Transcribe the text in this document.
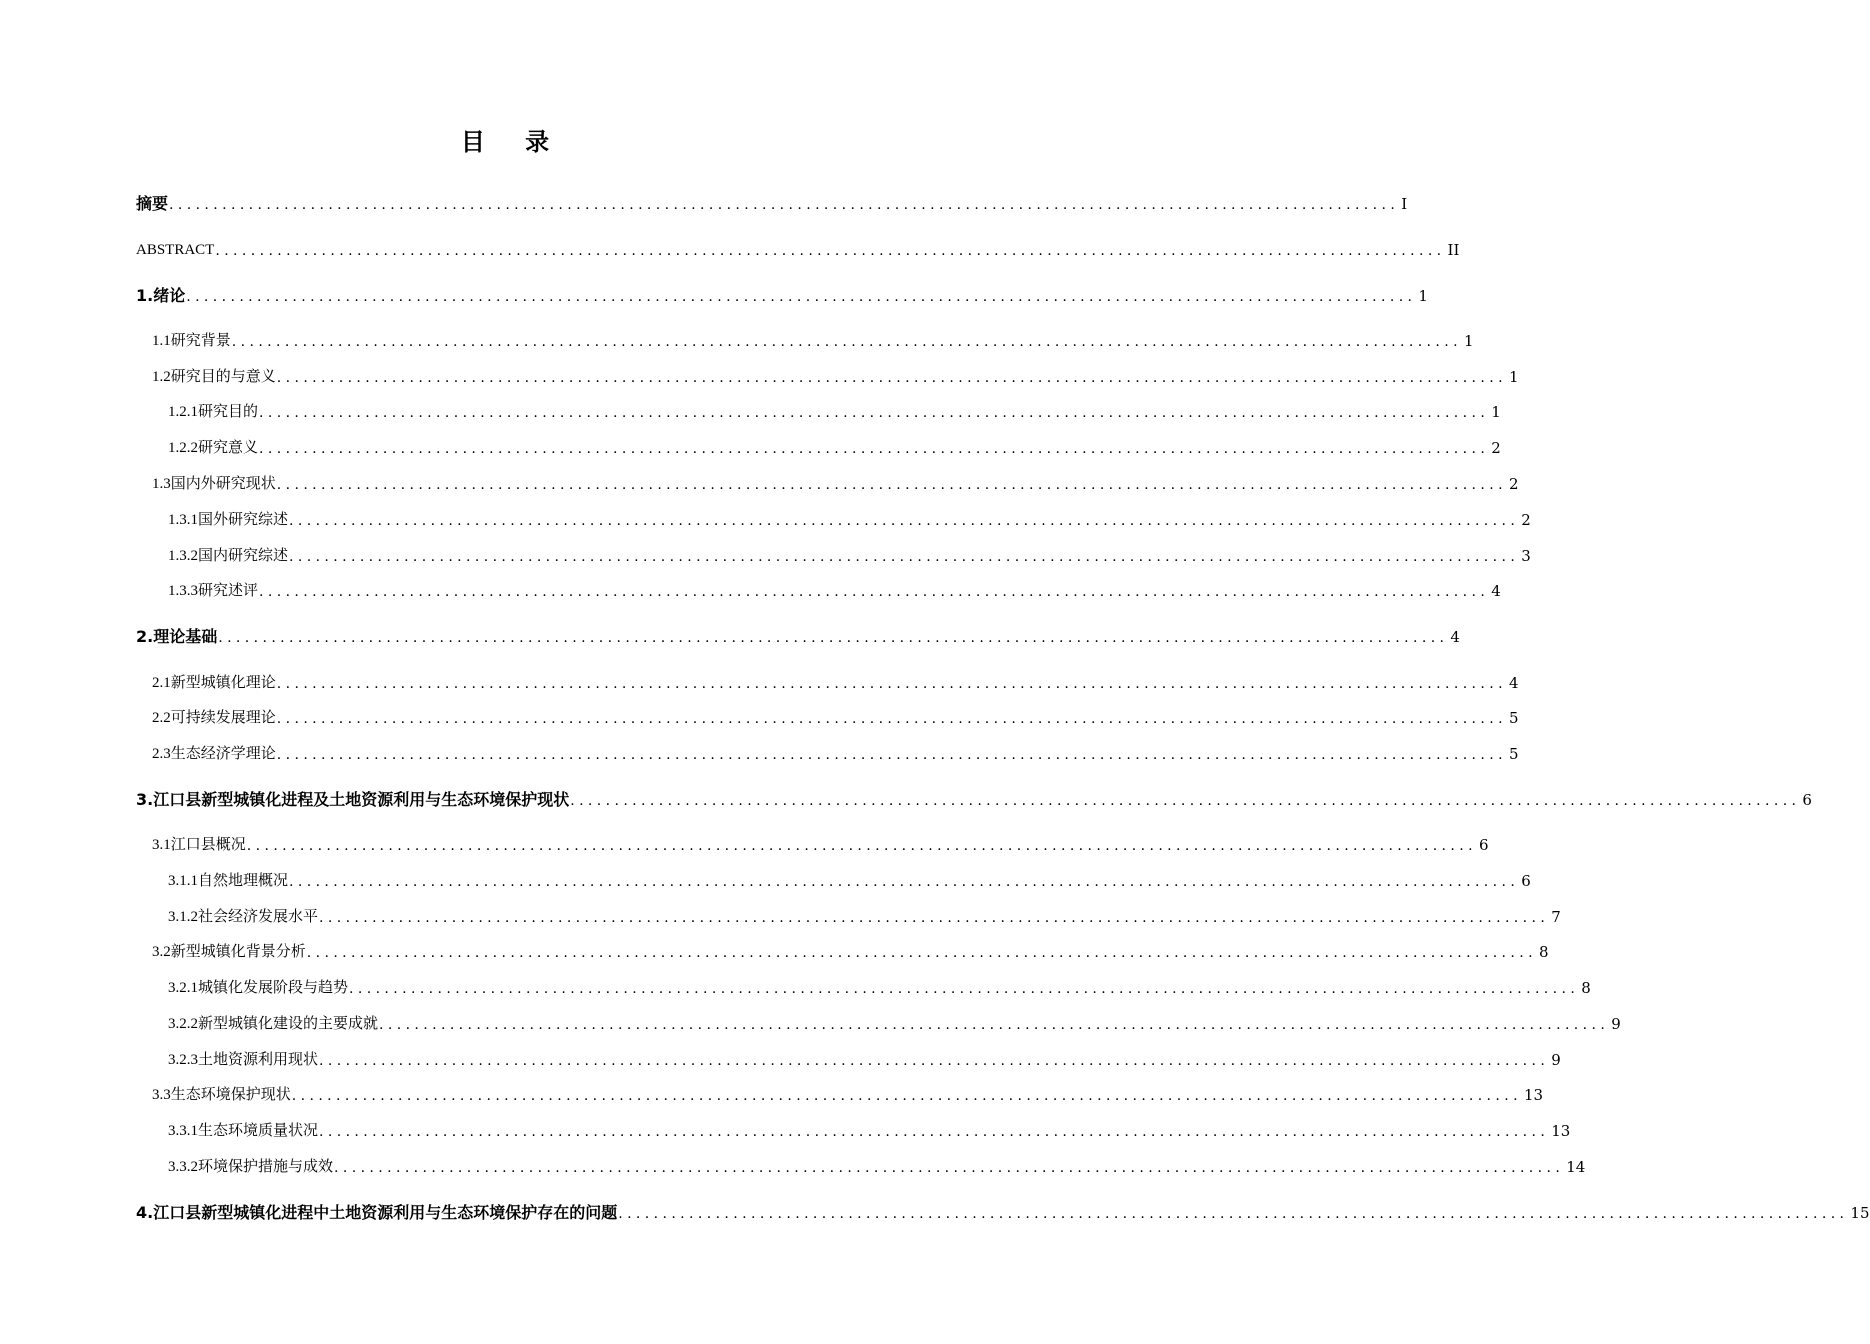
目 录
摘要 ........................................................................................................................................... I
ABSTRACT ........................................................................................................................................... II
1.绪论 ........................................................................................................................................... 1
1.1研究背景 ........................................................................................................................................... 1
1.2研究目的与意义 ........................................................................................................................................... 1
1.2.1研究目的 ........................................................................................................................................... 1
1.2.2研究意义 ........................................................................................................................................... 2
1.3国内外研究现状 ........................................................................................................................................... 2
1.3.1国外研究综述 ........................................................................................................................................... 2
1.3.2国内研究综述 ........................................................................................................................................... 3
1.3.3研究述评 ........................................................................................................................................... 4
2.理论基础 ........................................................................................................................................... 4
2.1新型城镇化理论 ........................................................................................................................................... 4
2.2可持续发展理论 ........................................................................................................................................... 5
2.3生态经济学理论 ........................................................................................................................................... 5
3.江口县新型城镇化进程及土地资源利用与生态环境保护现状 ........................................................................................................................................... 6
3.1江口县概况 ........................................................................................................................................... 6
3.1.1自然地理概况 ........................................................................................................................................... 6
3.1.2社会经济发展水平 ........................................................................................................................................... 7
3.2新型城镇化背景分析 ........................................................................................................................................... 8
3.2.1城镇化发展阶段与趋势 ........................................................................................................................................... 8
3.2.2新型城镇化建设的主要成就 ........................................................................................................................................... 9
3.2.3土地资源利用现状 ........................................................................................................................................... 9
3.3生态环境保护现状 ........................................................................................................................................... 13
3.3.1生态环境质量状况 ........................................................................................................................................... 13
3.3.2环境保护措施与成效 ........................................................................................................................................... 14
4.江口县新型城镇化进程中土地资源利用与生态环境保护存在的问题 ........................................................................................................................................... 15
